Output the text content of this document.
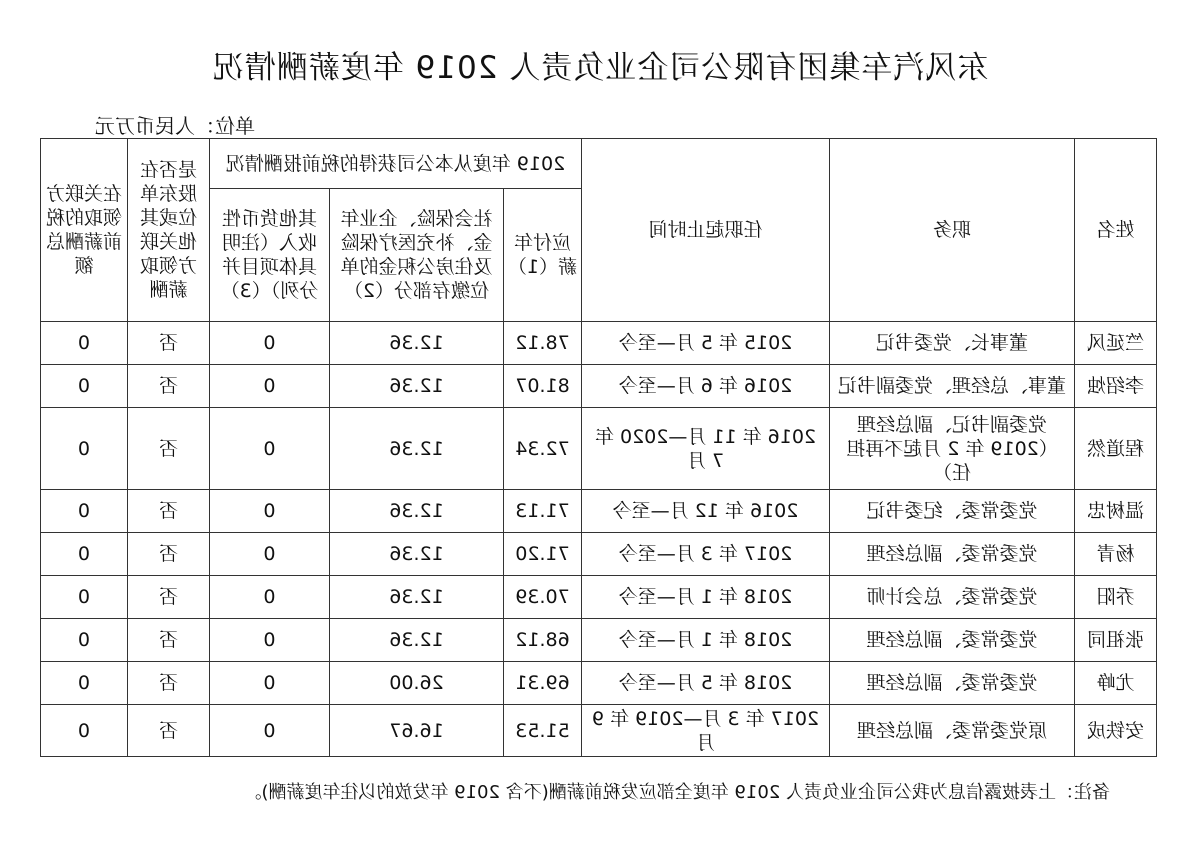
东风汽车集团有限公司企业负责人 2019 年度薪酬情况
单位：人民币万元
姓名	职务	任职起止时间	2019 年度从本公司获得的税前报酬情况			是否在股东单位或其他关联方领取薪酬	在关联方领取的税前薪酬总额
			应付年薪（1）	社会保险、企业年金、补充医疗保险及住房公积金的单位缴存部分（2）	其他货币性收入（注明具体项目并分列）（3）		
竺延风	董事长、党委书记	2015 年 5 月—至今	78.12	12.36	0	否	0
李绍烛	董事、总经理、党委副书记	2016 年 6 月—至今	81.07	12.36	0	否	0
程道然	党委副书记、副总经理（2019 年 2 月起不再担任）	2016 年 11 月—2020 年 7 月	72.34	12.36	0	否	0
温树忠	党委常委、纪委书记	2016 年 12 月—至今	71.13	12.36	0	否	0
杨青	党委常委、副总经理	2017 年 3 月—至今	71.20	12.36	0	否	0
乔阳	党委常委、总会计师	2018 年 1 月—至今	70.39	12.36	0	否	0
张祖同	党委常委、副总经理	2018 年 1 月—至今	68.12	12.36	0	否	0
尤峥	党委常委、副总经理	2018 年 5 月—至今	69.31	26.00	0	否	0
安铁成	原党委常委、副总经理	2017 年 3 月—2019 年 9 月	51.53	16.67	0	否	0
备注：上表披露信息为我公司企业负责人 2019 年度全部应发税前薪酬(不含 2019 年发放的以往年度薪酬)。
